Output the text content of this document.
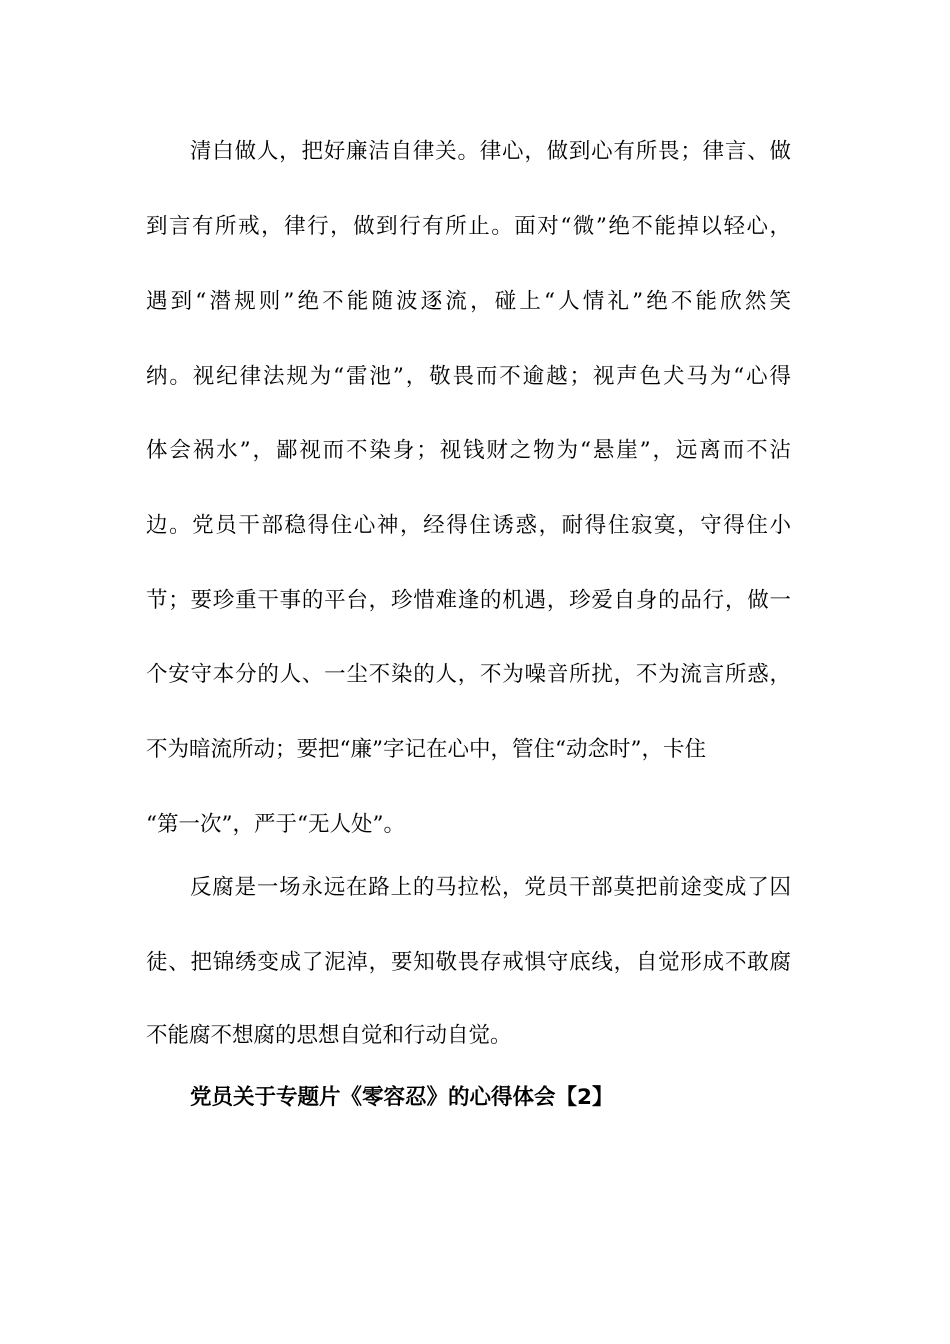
清白做人，把好廉洁自律关。律心，做到心有所畏；律言、做
到言有所戒，律行，做到行有所止。面对“微”绝不能掉以轻心，
遇到“潜规则”绝不能随波逐流，碰上“人情礼”绝不能欣然笑
纳。视纪律法规为“雷池”，敬畏而不逾越；视声色犬马为“心得
体会祸水”，鄙视而不染身；视钱财之物为“悬崖”，远离而不沾
边。党员干部稳得住心神，经得住诱惑，耐得住寂寞，守得住小
节；要珍重干事的平台，珍惜难逢的机遇，珍爱自身的品行，做一
个安守本分的人、一尘不染的人，不为噪音所扰，不为流言所惑，
不为暗流所动；要把“廉”字记在心中，管住“动念时”，卡住
“第一次”，严于“无人处”。
反腐是一场永远在路上的马拉松，党员干部莫把前途变成了囚
徒、把锦绣变成了泥淖，要知敬畏存戒惧守底线，自觉形成不敢腐
不能腐不想腐的思想自觉和行动自觉。
党员关于专题片《零容忍》的心得体会【2】
